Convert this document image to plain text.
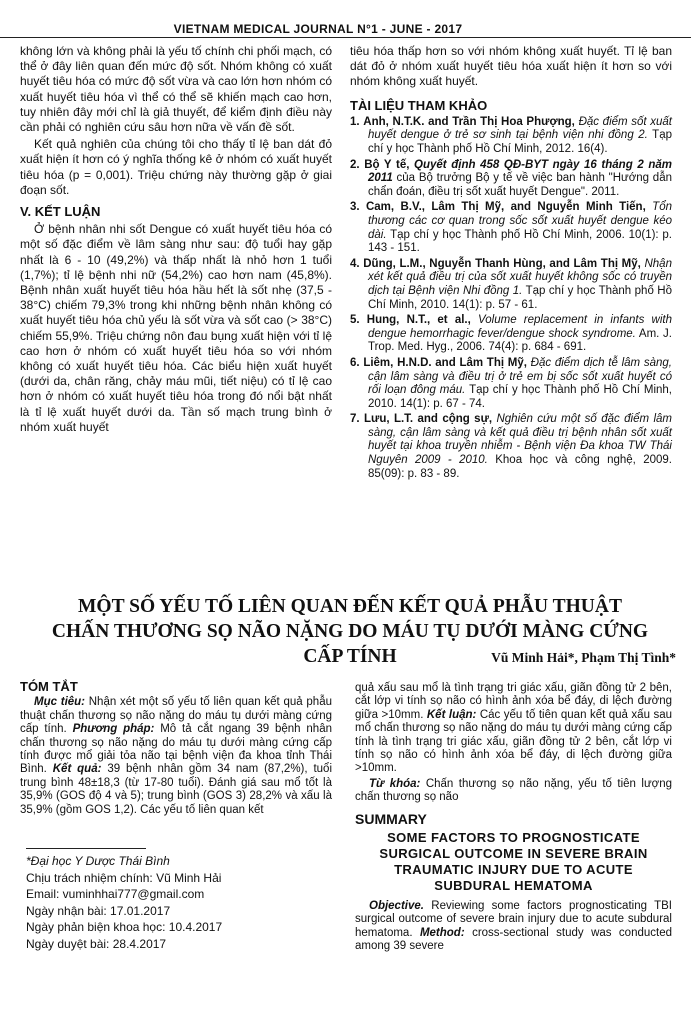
VIETNAM MEDICAL JOURNAL N°1 - JUNE - 2017

không lớn và không phải là yếu tố chính chi phối mạch, có thể ở đây liên quan đến mức độ sốt. Nhóm không có xuất huyết tiêu hóa có mức độ sốt vừa và cao lớn hơn nhóm có xuất huyết tiêu hóa vì thể có thể sẽ khiến mạch cao hơn, tuy nhiên đây mới chỉ là giả thuyết, để kiểm định điều này cần phải có nghiên cứu sâu hơn nữa về vấn đề sốt.

Kết quả nghiên của chúng tôi cho thấy tỉ lệ ban dát đỏ xuất hiện ít hơn có ý nghĩa thống kê ở nhóm có xuất huyết tiêu hóa (p = 0,001). Triệu chứng này thường gặp ở giai đoạn sốt.

V. KẾT LUẬN

Ở bệnh nhân nhi sốt Dengue có xuất huyết tiêu hóa có một số đặc điểm về lâm sàng như sau: độ tuổi hay gặp nhất là 6 - 10 (49,2%) và thấp nhất là nhỏ hơn 1 tuổi (1,7%); tỉ lệ bệnh nhi nữ (54,2%) cao hơn nam (45,8%). Bệnh nhân xuất huyết tiêu hóa hầu hết là sốt nhẹ (37,5 - 38°C) chiếm 79,3% trong khi những bệnh nhân không có xuất huyết tiêu hóa chủ yếu là sốt vừa và sốt cao (> 38°C) chiếm 55,9%. Triệu chứng nôn đau bụng xuất hiện với tỉ lệ cao hơn ở nhóm có xuất huyết tiêu hóa so với nhóm không có xuất huyết tiêu hóa. Các biểu hiện xuất huyết (dưới da, chân răng, chảy máu mũi, tiết niệu) có tỉ lệ cao hơn ở nhóm có xuất huyết tiêu hóa trong đó nổi bật nhất là tỉ lệ xuất huyết dưới da. Tần số mạch trung bình ở nhóm xuất huyết

tiêu hóa thấp hơn so với nhóm không xuất huyết. Tỉ lệ ban dát đỏ ở nhóm xuất huyết tiêu hóa xuất hiện ít hơn so với nhóm không xuất huyết.

TÀI LIỆU THAM KHẢO

1. Anh, N.T.K. and Trần Thị Hoa Phượng, Đặc điểm sốt xuất huyết dengue ở trẻ sơ sinh tại bệnh viện nhi đồng 2. Tạp chí y học Thành phố Hồ Chí Minh, 2012. 16(4).

2. Bộ Y tế, Quyết định 458 QĐ-BYT ngày 16 tháng 2 năm 2011 của Bộ trưởng Bộ y tế về việc ban hành "Hướng dẫn chẩn đoán, điều trị sốt xuất huyết Dengue". 2011.

3. Cam, B.V., Lâm Thị Mỹ, and Nguyễn Minh Tiến, Tổn thương các cơ quan trong sốc sốt xuất huyết dengue kéo dài. Tạp chí y học Thành phố Hồ Chí Minh, 2006. 10(1): p. 143 - 151.

4. Dũng, L.M., Nguyễn Thanh Hùng, and Lâm Thị Mỹ, Nhận xét kết quả điều trị của sốt xuất huyết không sốc có truyền dịch tại Bệnh viện Nhi đồng 1. Tạp chí y học Thành phố Hồ Chí Minh, 2010. 14(1): p. 57 - 61.

5. Hung, N.T., et al., Volume replacement in infants with dengue hemorrhagic fever/dengue shock syndrome. Am. J. Trop. Med. Hyg., 2006. 74(4): p. 684 - 691.

6. Liêm, H.N.D. and Lâm Thị Mỹ, Đặc điểm dịch tễ lâm sàng, cận lâm sàng và điều trị ở trẻ em bị sốc sốt xuất huyết có rối loạn đông máu. Tạp chí y học Thành phố Hồ Chí Minh, 2010. 14(1): p. 67 - 74.

7. Lưu, L.T. and cộng sự, Nghiên cứu một số đặc điểm lâm sàng, cận lâm sàng và kết quả điều trị bệnh nhân sốt xuất huyết tại khoa truyền nhiễm - Bệnh viện Đa khoa TW Thái Nguyên 2009 - 2010. Khoa học và công nghệ, 2009. 85(09): p. 83 - 89.

MỘT SỐ YẾU TỐ LIÊN QUAN ĐẾN KẾT QUẢ PHẪU THUẬT
CHẤN THƯƠNG SỌ NÃO NẶNG DO MÁU TỤ DƯỚI MÀNG CỨNG CẤP TÍNH	Vũ Minh Hải*, Phạm Thị Tình*
TÓM TẮT

Mục tiêu: Nhận xét một số yếu tố liên quan kết quả phẫu thuật chấn thương sọ não nặng do máu tụ dưới màng cứng cấp tính. Phương pháp: Mô tả cắt ngang 39 bệnh nhân chấn thương sọ não nặng do máu tụ dưới màng cứng cấp tính được mổ giải tỏa não tại bệnh viện đa khoa tỉnh Thái Bình. Kết quả: 39 bệnh nhân gồm 34 nam (87,2%), tuổi trung bình 48±18,3 (từ 17-80 tuổi). Đánh giá sau mổ tốt là 35,9% (GOS độ 4 và 5); trung bình (GOS 3) 28,2% và xấu là 35,9% (gồm GOS 1,2). Các yếu tố liên quan kết

quả xấu sau mổ là tình trạng tri giác xấu, giãn đồng tử 2 bên, cắt lớp vi tính sọ não có hình ảnh xóa bể đáy, di lệch đường giữa >10mm. Kết luận: Các yếu tố tiên quan kết quả xấu sau mổ chấn thương sọ não nặng do máu tụ dưới màng cứng cấp tính là tình trạng tri giác xấu, giãn đồng tử 2 bên, cắt lớp vi tính sọ não có hình ảnh xóa bể đáy, di lệch đường giữa >10mm.

Từ khóa: Chấn thương sọ não nặng, yếu tố tiên lượng chấn thương sọ não

SUMMARY
SOME FACTORS TO PROGNOSTICATE
SURGICAL OUTCOME IN SEVERE BRAIN
TRAUMATIC INJURY DUE TO ACUTE
SUBDURAL HEMATOMA

Objective. Reviewing some factors prognosticating TBI surgical outcome of severe brain injury due to acute subdural hematoma. Method: cross-sectional study was conducted among 39 severe

*Đại học Y Dược Thái Bình
Chịu trách nhiệm chính: Vũ Minh Hải
Email: vuminhhai777@gmail.com
Ngày nhận bài: 17.01.2017
Ngày phản biện khoa học: 10.4.2017
Ngày duyệt bài: 28.4.2017
